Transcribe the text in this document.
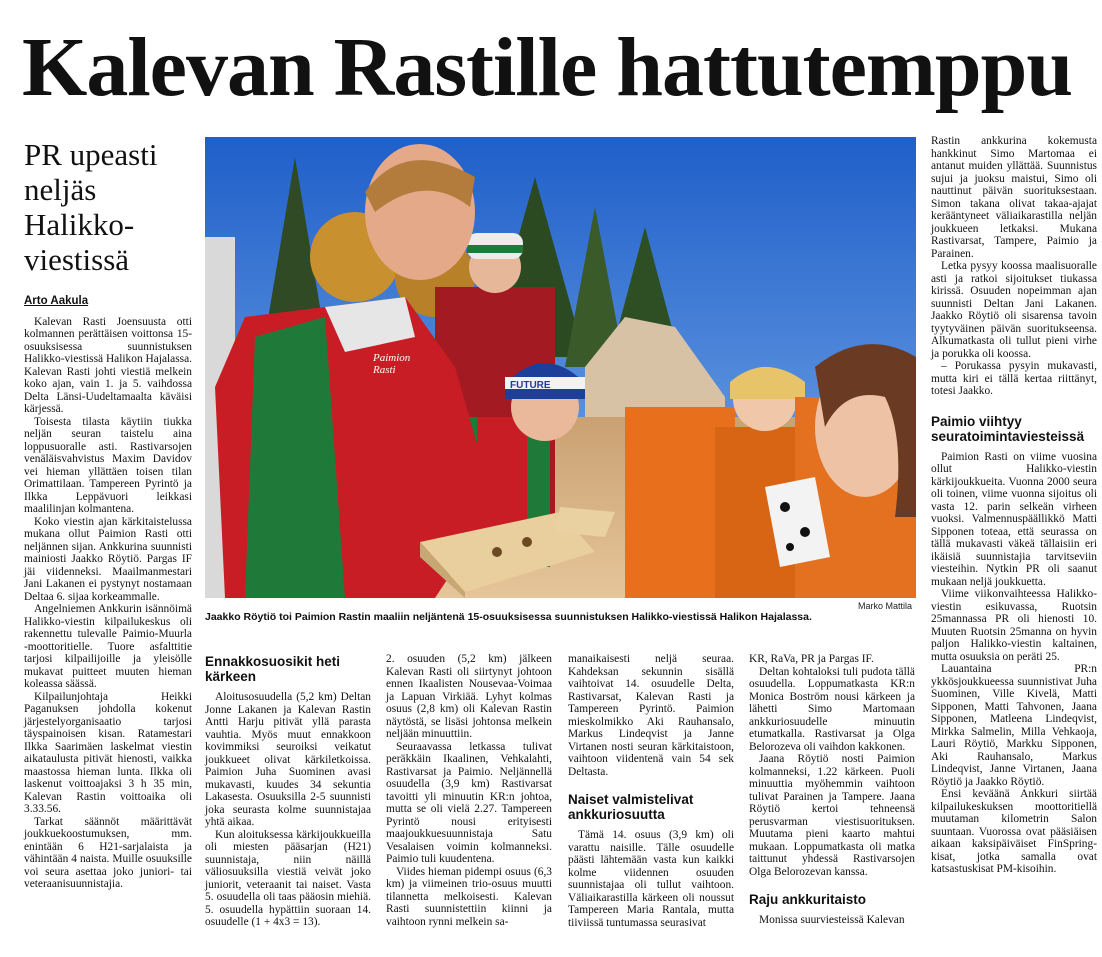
Kalevan Rastille hattutemppu
PR upeasti neljäs Halikko-viestissä
Arto Aakula

Kalevan Rasti Joensuusta otti kolmannen perättäisen voittonsa 15-osuuksisessa suunnistuksen Halikko-viestissä Halikon Hajalassa. Kalevan Rasti johti viestiä melkein koko ajan, vain 1. ja 5. vaihdossa Delta Länsi-Uudeltamaalta käväisi kärjessä.

Toisesta tilasta käytiin tiukka neljän seuran taistelu aina loppusuoralle asti. Rastivarsojen venäläisvahvistus Maxim Davidov vei hieman yllättäen toisen tilan Orimattilaan. Tampereen Pyrintö ja Ilkka Leppävuori leikkasi maalilinjan kolmantena.

Koko viestin ajan kärkitaistelussa mukana ollut Paimion Rasti otti neljännen sijan. Ankkurina suunnisti mainiosti Jaakko Röytiö. Pargas IF jäi viidenneksi. Maailmanmestari Jani Lakanen ei pystynyt nostamaan Deltaa 6. sijaa korkeammalle.

Angelniemen Ankkurin isännöimä Halikko-viestin kilpailukeskus oli rakennettu tulevalle Paimio-Muurla -moottoritielle. Tuore asfalttitie tarjosi kilpailijoille ja yleisölle mukavat puitteet muuten hieman koleassa säässä.

Kilpailunjohtaja Heikki Paganuksen johdolla kokenut järjestelyorganisaatio tarjosi täyspainoisen kisan. Ratamestari Ilkka Saarimäen laskelmat viestin aikataulusta pitivät hienosti, vaikka maastossa hieman lunta. Ilkka oli laskenut voittoajaksi 3 h 35 min, Kalevan Rastin voittoaika oli 3.33.56.

Tarkat säännöt määrittävät joukkuekoostumuksen, mm. enintään 6 H21-sarjalaista ja vähintään 4 naista. Muille osuuksille voi seura asettaa joko juniori- tai veteraanisuunnistajia.

FUTURE
Paimion Rasti
Marko Mattila
Jaakko Röytiö toi Paimion Rastin maaliin neljäntenä 15-osuuksisessa suunnistuksen Halikko-viestissä Halikon Hajalassa.
Ennakkosuosikit heti kärkeen

Aloitusosuudella (5,2 km) Deltan Jonne Lakanen ja Kalevan Rastin Antti Harju pitivät yllä parasta vauhtia. Myös muut ennakkoon kovimmiksi seuroiksi veikatut joukkueet olivat kärkiletkoissa. Paimion Juha Suominen avasi mukavasti, kuudes 34 sekuntia Lakasesta. Osuuksilla 2-5 suunnisti joka seurasta kolme suunnistajaa yhtä aikaa.

Kun aloituksessa kärkijoukkueilla oli miesten pääsarjan (H21) suunnistaja, niin näillä väliosuuksilla viestiä veivät joko juniorit, veteraanit tai naiset. Vasta 5. osuudella oli taas pääosin miehiä. 5. osuudella hypättiin suoraan 14. osuudelle (1 + 4x3 = 13).

2. osuuden (5,2 km) jälkeen Kalevan Rasti oli siirtynyt johtoon ennen Ikaalisten Nousevaa-Voimaa ja Lapuan Virkiää. Lyhyt kolmas osuus (2,8 km) oli Kalevan Rastin näytöstä, se lisäsi johtonsa melkein neljään minuuttiin.

Seuraavassa letkassa tulivat peräkkäin Ikaalinen, Vehkalahti, Rastivarsat ja Paimio. Neljännellä osuudella (3,9 km) Rastivarsat tavoitti yli minuutin KR:n johtoa, mutta se oli vielä 2.27. Tampereen Pyrintö nousi erityisesti maajoukkuesuunnistaja Satu Vesalaisen voimin kolmanneksi. Paimio tuli kuudentena.

Viides hieman pidempi osuus (6,3 km) ja viimeinen trio-osuus muutti tilannetta melkoisesti. Kalevan Rasti suunnistettiin kiinni ja vaihtoon rynni melkein sa-

manaikaisesti neljä seuraa. Kahdeksan sekunnin sisällä vaihtoivat 14. osuudelle Delta, Rastivarsat, Kalevan Rasti ja Tampereen Pyrintö. Paimion mieskolmikko Aki Rauhansalo, Markus Lindeqvist ja Janne Virtanen nosti seuran kärkitaistoon, vaihtoon viidentenä vain 54 sek Deltasta.

Naiset valmistelivat ankkuriosuutta

Tämä 14. osuus (3,9 km) oli varattu naisille. Tälle osuudelle päästi lähtemään vasta kun kaikki kolme viidennen osuuden suunnistajaa oli tullut vaihtoon. Väliaikarastilla kärkeen oli noussut Tampereen Maria Rantala, mutta tiiviissä tuntumassa seurasivat

KR, RaVa, PR ja Pargas IF.

Deltan kohtaloksi tuli pudota tällä osuudella. Loppumatkasta KR:n Monica Boström nousi kärkeen ja lähetti Simo Martomaan ankkuriosuudelle minuutin etumatkalla. Rastivarsat ja Olga Belorozeva oli vaihdon kakkonen.

Jaana Röytiö nosti Paimion kolmanneksi, 1.22 kärkeen. Puoli minuuttia myöhemmin vaihtoon tulivat Parainen ja Tampere. Jaana Röytiö kertoi tehneensä perusvarman viestisuorituksen. Muutama pieni kaarto mahtui mukaan. Loppumatkasta oli matka taittunut yhdessä Rastivarsojen Olga Belorozevan kanssa.

Raju ankkuritaisto

Monissa suurviesteissä Kalevan

Rastin ankkurina kokemusta hankkinut Simo Martomaa ei antanut muiden yllättää. Suunnistus sujui ja juoksu maistui, Simo oli nauttinut päivän suorituksestaan. Simon takana olivat takaa-ajajat kerääntyneet väliaikarastilla neljän joukkueen letkaksi. Mukana Rastivarsat, Tampere, Paimio ja Parainen.

Letka pysyy koossa maalisuoralle asti ja ratkoi sijoitukset tiukassa kirissä. Osuuden nopeimman ajan suunnisti Deltan Jani Lakanen. Jaakko Röytiö oli sisarensa tavoin tyytyväinen päivän suoritukseensa. Alkumatkasta oli tullut pieni virhe ja porukka oli koossa.

– Porukassa pysyin mukavasti, mutta kiri ei tällä kertaa riittänyt, totesi Jaakko.

Paimio viihtyy seuratoimintaviesteissä

Paimion Rasti on viime vuosina ollut Halikko-viestin kärkijoukkueita. Vuonna 2000 seura oli toinen, viime vuonna sijoitus oli vasta 12. parin selkeän virheen vuoksi. Valmennuspäällikkö Matti Sipponen toteaa, että seurassa on tällä mukavasti väkeä tällaisiin eri ikäisiä suunnistajia tarvitseviin viesteihin. Nytkin PR oli saanut mukaan neljä joukkuetta.

Viime viikonvaihteessa Halikko-viestin esikuvassa, Ruotsin 25mannassa PR oli hienosti 10. Muuten Ruotsin 25manna on hyvin paljon Halikko-viestin kaltainen, mutta osuuksia on peräti 25.

Lauantaina PR:n ykkösjoukkueessa suunnistivat Juha Suominen, Ville Kivelä, Matti Sipponen, Matti Tahvonen, Jaana Sipponen, Matleena Lindeqvist, Mirkka Salmelin, Milla Vehkaoja, Lauri Röytiö, Markku Sipponen, Aki Rauhansalo, Markus Lindeqvist, Janne Virtanen, Jaana Röytiö ja Jaakko Röytiö.

Ensi keväänä Ankkuri siirtää kilpailukeskuksen moottoritiellä muutaman kilometrin Salon suuntaan. Vuorossa ovat pääsiäisen aikaan kaksipäiväiset FinSpring-kisat, jotka samalla ovat katsastuskisat PM-kisoihin.
